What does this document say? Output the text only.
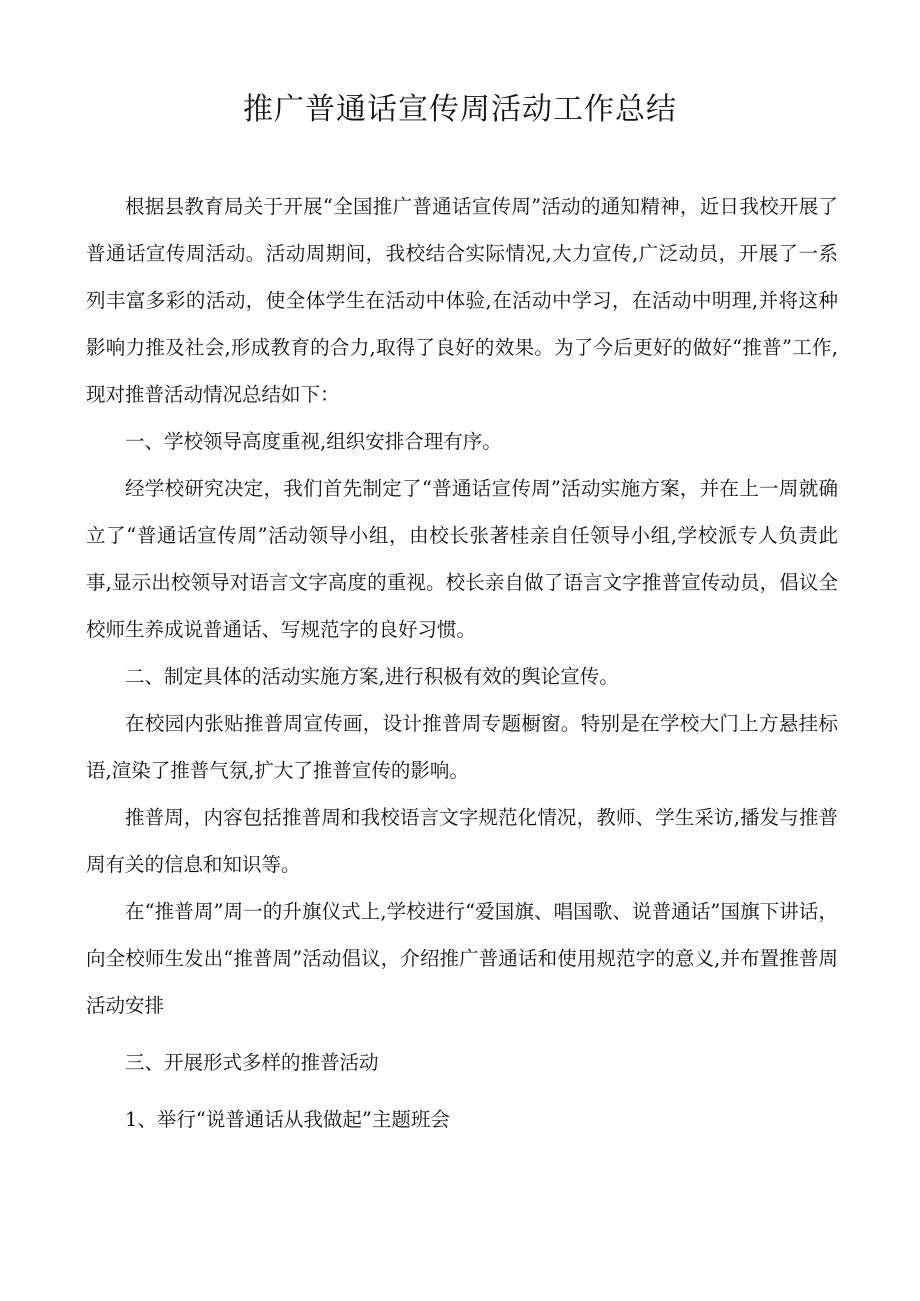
推广普通话宣传周活动工作总结

根据县教育局关于开展“全国推广普通话宣传周”活动的通知精神，近日我校开展了普通话宣传周活动。活动周期间，我校结合实际情况,大力宣传,广泛动员，开展了一系列丰富多彩的活动，使全体学生在活动中体验,在活动中学习，在活动中明理,并将这种影响力推及社会,形成教育的合力,取得了良好的效果。为了今后更好的做好“推普”工作,现对推普活动情况总结如下：

一、学校领导高度重视,组织安排合理有序。

经学校研究决定，我们首先制定了“普通话宣传周”活动实施方案，并在上一周就确立了“普通话宣传周”活动领导小组，由校长张著桂亲自任领导小组,学校派专人负责此事,显示出校领导对语言文字高度的重视。校长亲自做了语言文字推普宣传动员，倡议全校师生养成说普通话、写规范字的良好习惯。

二、制定具体的活动实施方案,进行积极有效的舆论宣传。

在校园内张贴推普周宣传画，设计推普周专题橱窗。特别是在学校大门上方悬挂标语,渲染了推普气氛,扩大了推普宣传的影响。

推普周，内容包括推普周和我校语言文字规范化情况，教师、学生采访,播发与推普周有关的信息和知识等。

在“推普周”周一的升旗仪式上,学校进行“爱国旗、唱国歌、说普通话”国旗下讲话，向全校师生发出“推普周”活动倡议，介绍推广普通话和使用规范字的意义,并布置推普周活动安排

三、开展形式多样的推普活动

1、举行“说普通话从我做起”主题班会
